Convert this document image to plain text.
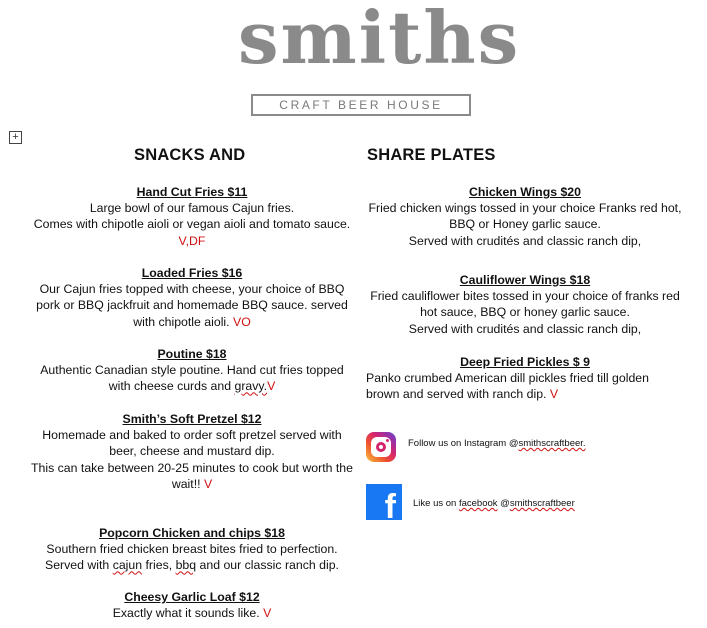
smiths
CRAFT BEER HOUSE
+
SNACKS AND	SHARE PLATES
Hand Cut Fries $11
Large bowl of our famous Cajun fries.
Comes with chipotle aioli or vegan aioli and tomato sauce.
V,DF
Loaded Fries $16
Our Cajun fries topped with cheese, your choice of BBQ
pork or BBQ jackfruit and homemade BBQ sauce. served
with chipotle aioli. VO
Poutine $18
Authentic Canadian style poutine. Hand cut fries topped
with cheese curds and gravy.V
Smith’s Soft Pretzel $12
Homemade and baked to order soft pretzel served with
beer, cheese and mustard dip.
This can take between 20-25 minutes to cook but worth the
wait!! V
Popcorn Chicken and chips $18
Southern fried chicken breast bites fried to perfection.
Served with cajun fries, bbq and our classic ranch dip.
Cheesy Garlic Loaf $12
Exactly what it sounds like. V
Chicken Wings $20
Fried chicken wings tossed in your choice Franks red hot,
BBQ or Honey garlic sauce.
Served with crudités and classic ranch dip,
Cauliflower Wings $18
Fried cauliflower bites tossed in your choice of franks red
hot sauce, BBQ or honey garlic sauce.
Served with crudités and classic ranch dip,
Deep Fried Pickles $ 9
Panko crumbed American dill pickles fried till golden
brown and served with ranch dip. V
Follow us on Instagram @smithscraftbeer.
f Like us on facebook @smithscraftbeer
